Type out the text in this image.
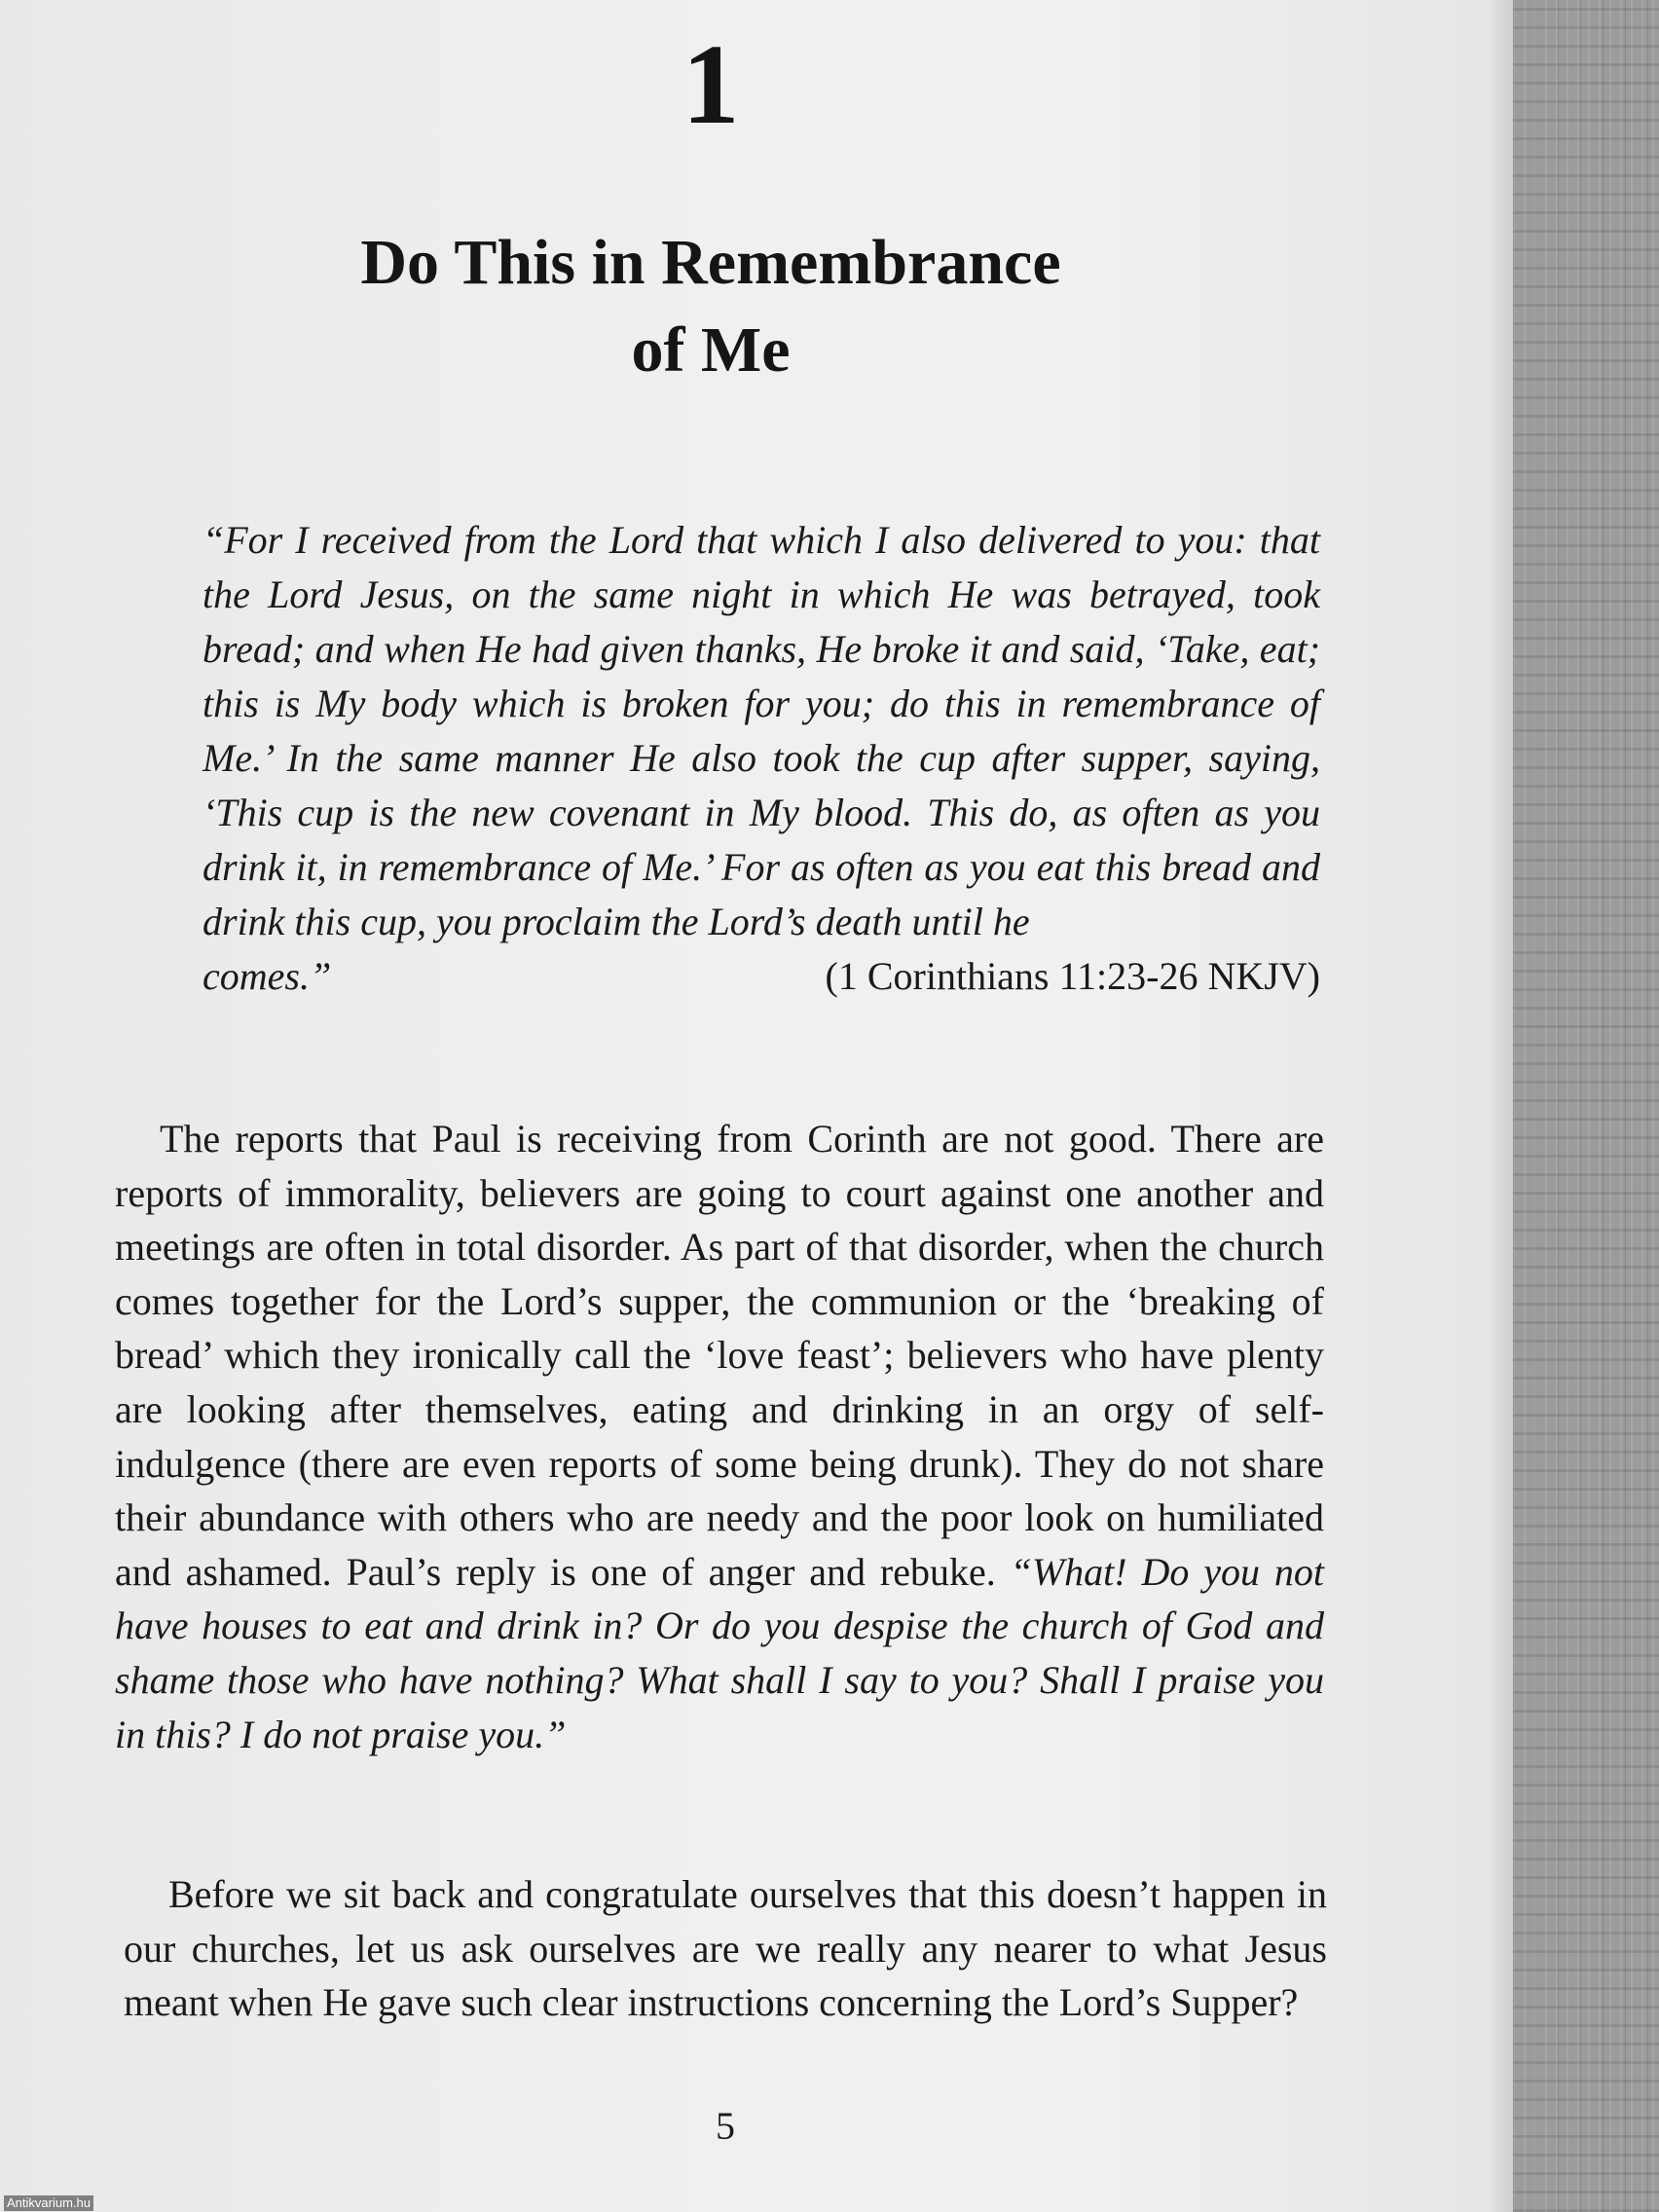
1
Do This in Remembrance
of Me
“For I received from the Lord that which I also delivered to you: that the Lord Jesus, on the same night in which He was betrayed, took bread; and when He had given thanks, He broke it and said, ‘Take, eat; this is My body which is broken for you; do this in remembrance of Me.’ In the same manner He also took the cup after supper, saying, ‘This cup is the new covenant in My blood. This do, as often as you drink it, in remembrance of Me.’ For as often as you eat this bread and drink this cup, you proclaim the Lord’s death until he
comes.”	(1 Corinthians 11:23-26 NKJV)

The reports that Paul is receiving from Corinth are not good. There are reports of immorality, believers are going to court against one another and meetings are often in total disorder. As part of that disorder, when the church comes together for the Lord’s supper, the communion or the ‘breaking of bread’ which they ironically call the ‘love feast’; believers who have plenty are looking after themselves, eating and drinking in an orgy of self-indulgence (there are even reports of some being drunk). They do not share their abundance with others who are needy and the poor look on humiliated and ashamed. Paul’s reply is one of anger and rebuke. “What! Do you not have houses to eat and drink in? Or do you despise the church of God and shame those who have nothing? What shall I say to you? Shall I praise you in this? I do not praise you.”

Before we sit back and congratulate ourselves that this doesn’t happen in our churches, let us ask ourselves are we really any nearer to what Jesus meant when He gave such clear instructions concerning the Lord’s Supper?

5
Antikvarium.hu
